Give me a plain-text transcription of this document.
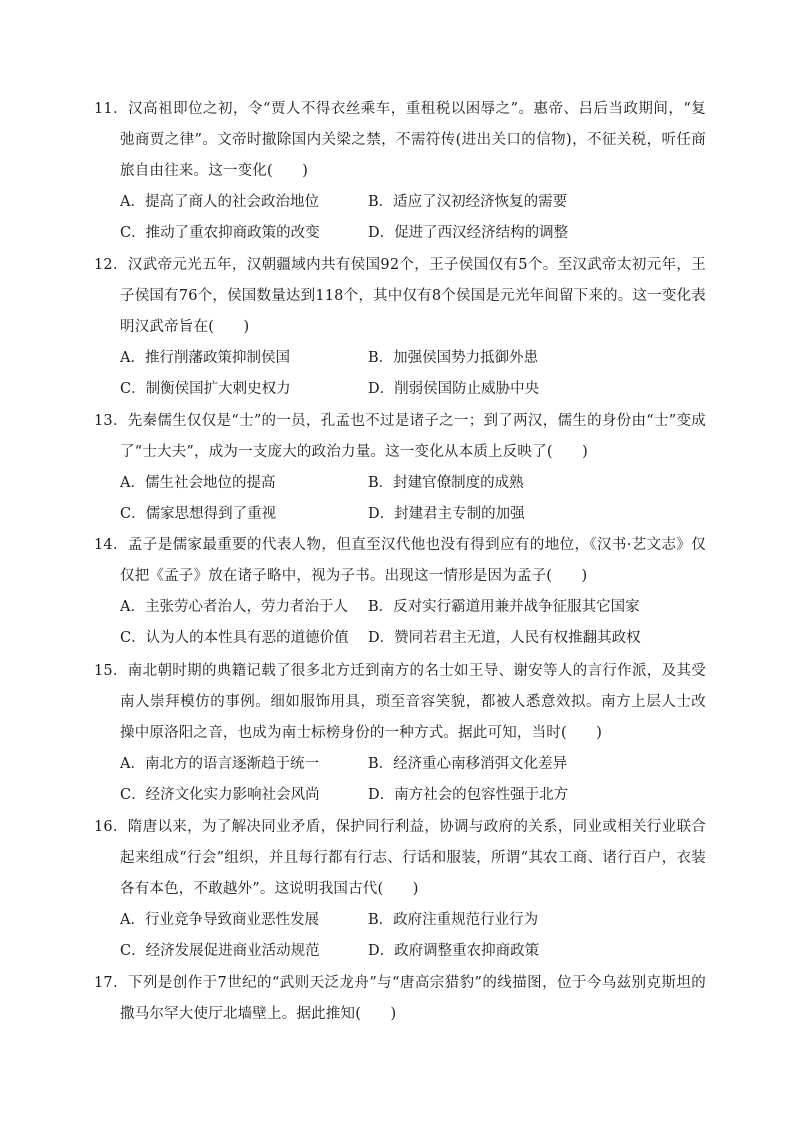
11．汉高祖即位之初，令“贾人不得衣丝乘车，重租税以困辱之”。惠帝、吕后当政期间，“复弛商贾之律”。文帝时撤除国内关梁之禁，不需符传(进出关口的信物)，不征关税，听任商旅自由往来。这一变化(　　)

A．提高了商人的社会政治地位	B．适应了汉初经济恢复的需要
C．推动了重农抑商政策的改变	D．促进了西汉经济结构的调整

12．汉武帝元光五年，汉朝疆域内共有侯国92个，王子侯国仅有5个。至汉武帝太初元年，王子侯国有76个，侯国数量达到118个，其中仅有8个侯国是元光年间留下来的。这一变化表明汉武帝旨在(　　)

A．推行削藩政策抑制侯国	B．加强侯国势力抵御外患
C．制衡侯国扩大刺史权力	D．削弱侯国防止威胁中央

13．先秦儒生仅仅是“士”的一员，孔孟也不过是诸子之一；到了两汉，儒生的身份由“士”变成了“士大夫”，成为一支庞大的政治力量。这一变化从本质上反映了(　　)

A．儒生社会地位的提高	B．封建官僚制度的成熟
C．儒家思想得到了重视	D．封建君主专制的加强

14．孟子是儒家最重要的代表人物，但直至汉代他也没有得到应有的地位，《汉书·艺文志》仅仅把《孟子》放在诸子略中，视为子书。出现这一情形是因为孟子(　　)

A．主张劳心者治人，劳力者治于人	B．反对实行霸道用兼并战争征服其它国家
C．认为人的本性具有恶的道德价值	D．赞同若君主无道，人民有权推翻其政权

15．南北朝时期的典籍记载了很多北方迁到南方的名士如王导、谢安等人的言行作派，及其受南人崇拜模仿的事例。细如服饰用具，琐至音容笑貌，都被人悉意效拟。南方上层人士改操中原洛阳之音，也成为南士标榜身份的一种方式。据此可知，当时(　　)

A．南北方的语言逐渐趋于统一	B．经济重心南移消弭文化差异
C．经济文化实力影响社会风尚	D．南方社会的包容性强于北方

16．隋唐以来，为了解决同业矛盾，保护同行利益，协调与政府的关系，同业或相关行业联合起来组成“行会”组织，并且每行都有行志、行话和服装，所谓“其农工商、诸行百户，衣装各有本色，不敢越外”。这说明我国古代(　　)

A．行业竞争导致商业恶性发展	B．政府注重规范行业行为
C．经济发展促进商业活动规范	D．政府调整重农抑商政策

17．下列是创作于7世纪的“武则天泛龙舟”与“唐高宗猎豹”的线描图，位于今乌兹别克斯坦的撒马尔罕大使厅北墙壁上。据此推知(　　)
